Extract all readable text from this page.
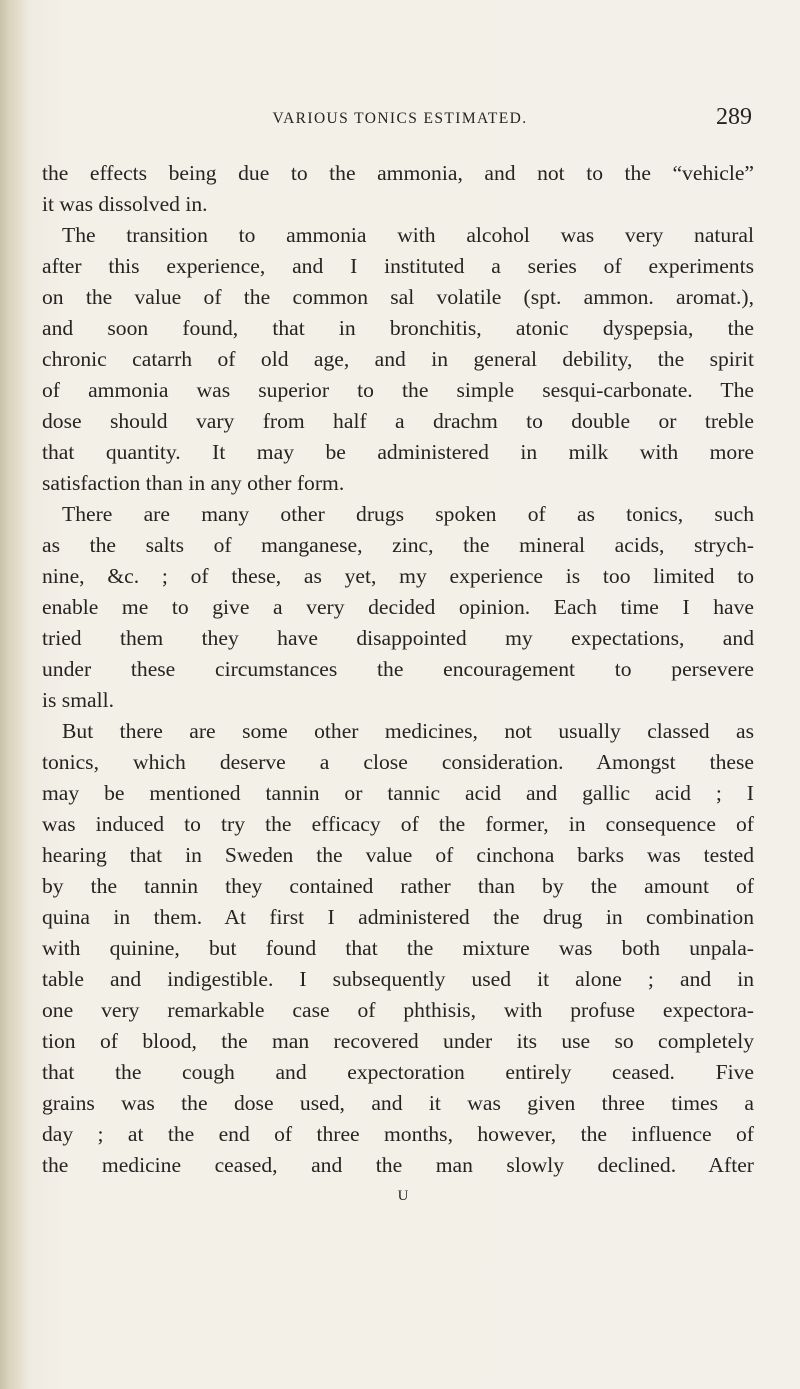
VARIOUS TONICS ESTIMATED.	289
the effects being due to the ammonia, and not to the “vehicle”
it was dissolved in.
The transition to ammonia with alcohol was very natural
after this experience, and I instituted a series of experiments
on the value of the common sal volatile (spt. ammon. aromat.),
and soon found, that in bronchitis, atonic dyspepsia, the
chronic catarrh of old age, and in general debility, the spirit
of ammonia was superior to the simple sesqui-carbonate. The
dose should vary from half a drachm to double or treble
that quantity. It may be administered in milk with more
satisfaction than in any other form.
There are many other drugs spoken of as tonics, such
as the salts of manganese, zinc, the mineral acids, strych-
nine, &c. ; of these, as yet, my experience is too limited to
enable me to give a very decided opinion. Each time I have
tried them they have disappointed my expectations, and
under these circumstances the encouragement to persevere
is small.
But there are some other medicines, not usually classed as
tonics, which deserve a close consideration. Amongst these
may be mentioned tannin or tannic acid and gallic acid ; I
was induced to try the efficacy of the former, in consequence of
hearing that in Sweden the value of cinchona barks was tested
by the tannin they contained rather than by the amount of
quina in them. At first I administered the drug in combination
with quinine, but found that the mixture was both unpala-
table and indigestible. I subsequently used it alone ; and in
one very remarkable case of phthisis, with profuse expectora-
tion of blood, the man recovered under its use so completely
that the cough and expectoration entirely ceased. Five
grains was the dose used, and it was given three times a
day ; at the end of three months, however, the influence of
the medicine ceased, and the man slowly declined. After
U
